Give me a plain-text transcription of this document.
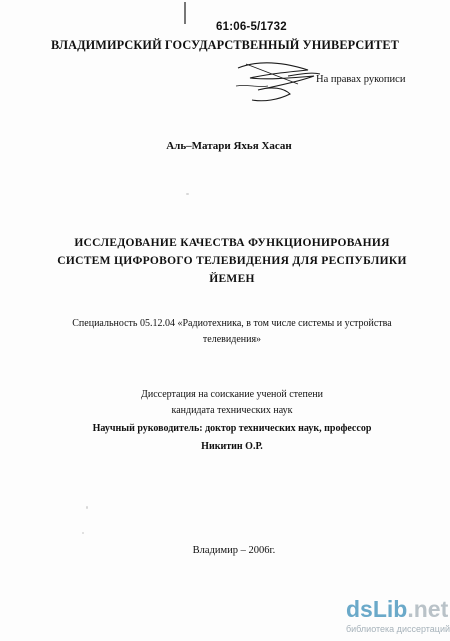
61:06-5/1732
ВЛАДИМИРСКИЙ ГОСУДАРСТВЕННЫЙ УНИВЕРСИТЕТ
На правах рукописи
Аль–Матари Яхья Хасан
ИССЛЕДОВАНИЕ КАЧЕСТВА ФУНКЦИОНИРОВАНИЯ
СИСТЕМ ЦИФРОВОГО ТЕЛЕВИДЕНИЯ ДЛЯ РЕСПУБЛИКИ
ЙЕМЕН
Специальность 05.12.04 «Радиотехника, в том числе системы и устройства
телевидения»
Диссертация на соискание ученой степени
кандидата технических наук
Научный руководитель: доктор технических наук, профессор
Никитин О.Р.
Владимир – 2006г.
dsLib.net
библиотека диссертаций
